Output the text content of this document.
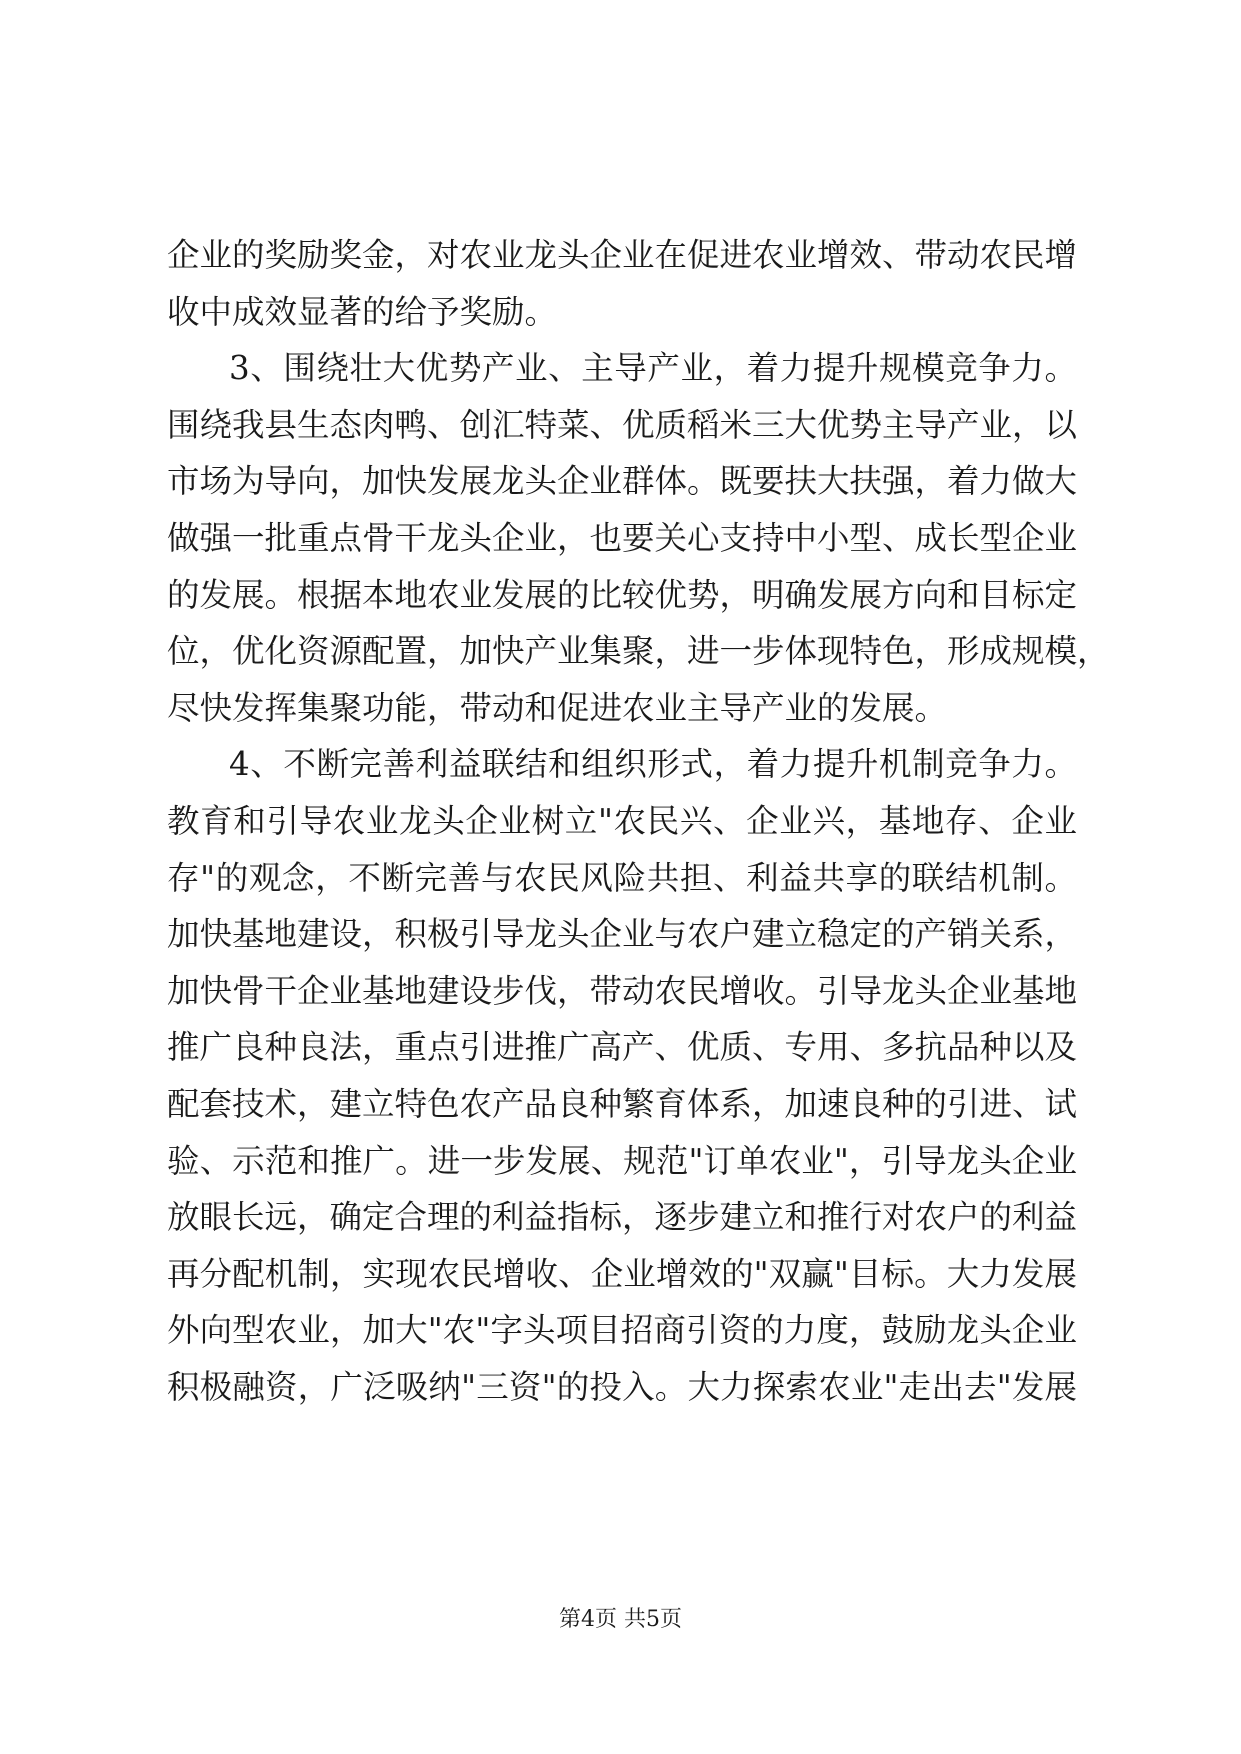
企业的奖励奖金，对农业龙头企业在促进农业增效、带动农民增
收中成效显著的给予奖励。
3、围绕壮大优势产业、主导产业，着力提升规模竞争力。
围绕我县生态肉鸭、创汇特菜、优质稻米三大优势主导产业，以
市场为导向，加快发展龙头企业群体。既要扶大扶强，着力做大
做强一批重点骨干龙头企业，也要关心支持中小型、成长型企业
的发展。根据本地农业发展的比较优势，明确发展方向和目标定
位，优化资源配置，加快产业集聚，进一步体现特色，形成规模，
尽快发挥集聚功能，带动和促进农业主导产业的发展。
4、不断完善利益联结和组织形式，着力提升机制竞争力。
教育和引导农业龙头企业树立"农民兴、企业兴，基地存、企业
存"的观念，不断完善与农民风险共担、利益共享的联结机制。
加快基地建设，积极引导龙头企业与农户建立稳定的产销关系，
加快骨干企业基地建设步伐，带动农民增收。引导龙头企业基地
推广良种良法，重点引进推广高产、优质、专用、多抗品种以及
配套技术，建立特色农产品良种繁育体系，加速良种的引进、试
验、示范和推广。进一步发展、规范"订单农业"，引导龙头企业
放眼长远，确定合理的利益指标，逐步建立和推行对农户的利益
再分配机制，实现农民增收、企业增效的"双赢"目标。大力发展
外向型农业，加大"农"字头项目招商引资的力度，鼓励龙头企业
积极融资，广泛吸纳"三资"的投入。大力探索农业"走出去"发展
第4页 共5页
